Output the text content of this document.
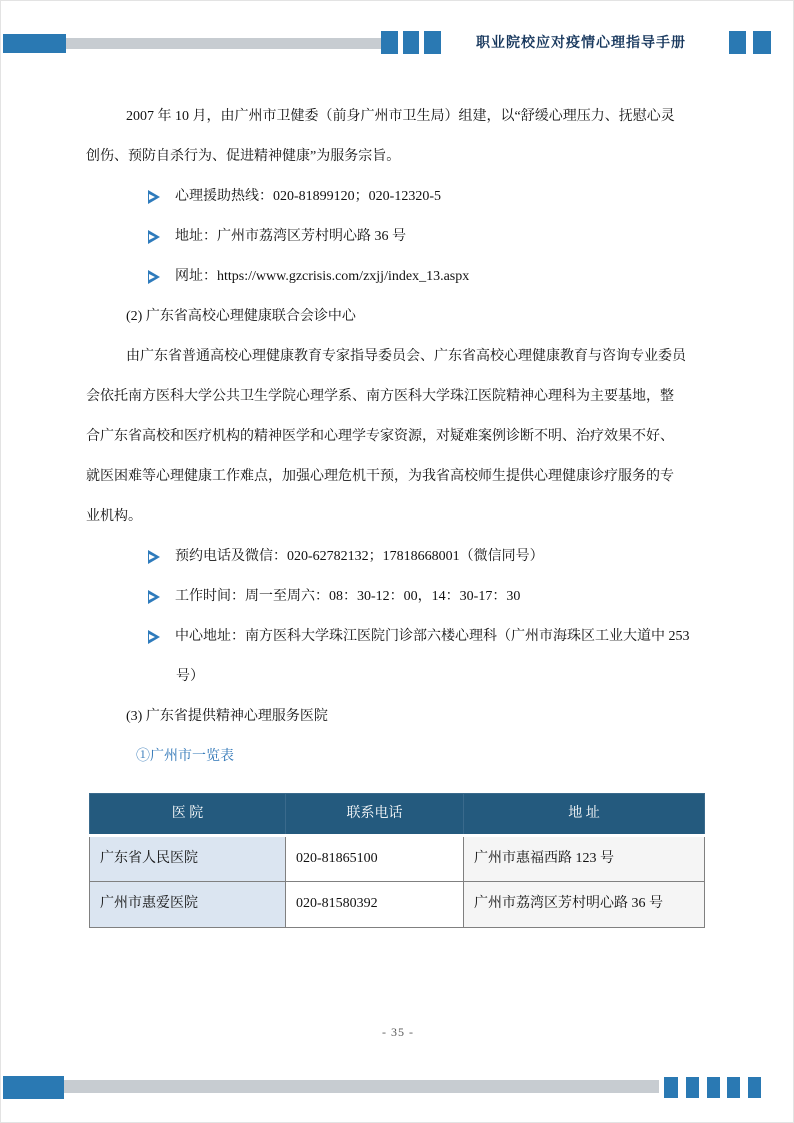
职业院校应对疫情心理指导手册
2007 年 10 月，由广州市卫健委（前身广州市卫生局）组建，以“舒缓心理压力、抚慰心灵
创伤、预防自杀行为、促进精神健康”为服务宗旨。
心理援助热线：020-81899120；020-12320-5
地址：广州市荔湾区芳村明心路 36 号
网址：https://www.gzcrisis.com/zxjj/index_13.aspx
(2) 广东省高校心理健康联合会诊中心
由广东省普通高校心理健康教育专家指导委员会、广东省高校心理健康教育与咨询专业委员
会依托南方医科大学公共卫生学院心理学系、南方医科大学珠江医院精神心理科为主要基地，整
合广东省高校和医疗机构的精神医学和心理学专家资源，对疑难案例诊断不明、治疗效果不好、
就医困难等心理健康工作难点，加强心理危机干预，为我省高校师生提供心理健康诊疗服务的专
业机构。
预约电话及微信：020-62782132；17818668001（微信同号）
工作时间：周一至周六：08：30-12：00，14：30-17：30
中心地址：南方医科大学珠江医院门诊部六楼心理科（广州市海珠区工业大道中 253
号）
(3) 广东省提供精神心理服务医院
①广州市一览表
医 院	联系电话	地 址
广东省人民医院	020-81865100	广州市惠福西路 123 号
广州市惠爱医院	020-81580392	广州市荔湾区芳村明心路 36 号
- 35 -
